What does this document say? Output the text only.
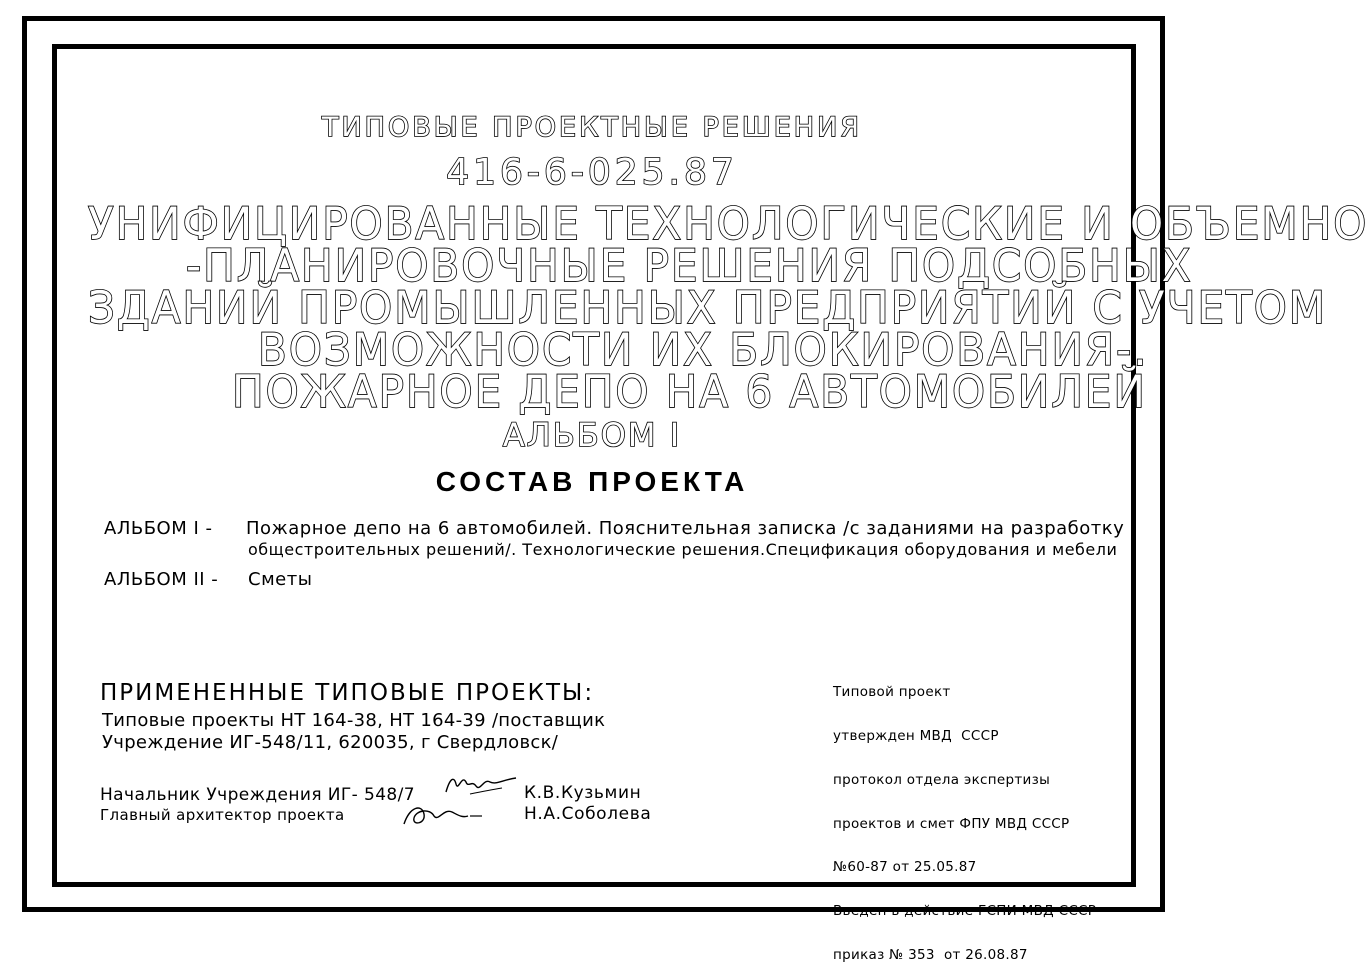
ТИПОВЫЕ ПРОЕКТНЫЕ РЕШЕНИЯ
416-6-025.87
УНИФИЦИРОВАННЫЕ ТЕХНОЛОГИЧЕСКИЕ И ОБЪЕМНО
-ПЛАНИРОВОЧНЫЕ РЕШЕНИЯ ПОДСОБНЫХ
ЗДАНИЙ ПРОМЫШЛЕННЫХ ПРЕДПРИЯТИЙ С УЧЕТОМ
ВОЗМОЖНОСТИ ИХ БЛОКИРОВАНИЯ-.
ПОЖАРНОЕ ДЕПО НА 6 АВТОМОБИЛЕЙ
АЛЬБОМ I
СОСТАВ ПРОЕКТА
АЛЬБОМ I - Пожарное депо на 6 автомобилей. Пояснительная записка /с заданиями на разработку
общестроительных решений/. Технологические решения.Спецификация оборудования и мебели
АЛЬБОМ II - Сметы
ПРИМЕНЕННЫЕ ТИПОВЫЕ ПРОЕКТЫ:
Типовые проекты НТ 164-38, НТ 164-39 /поставщик
Учреждение ИГ-548/11, 620035, г Свердловск/

Типовой проект

утвержден МВД  СССР

протокол отдела экспертизы

проектов и смет ФПУ МВД СССР

№60-87 от 25.05.87

Введен в действие ГСПИ МВД СССР

приказ № 353  от 26.08.87

Начальник Учреждения ИГ- 548/7
Главный архитектор проекта
К.В.Кузьмин
Н.А.Соболева
